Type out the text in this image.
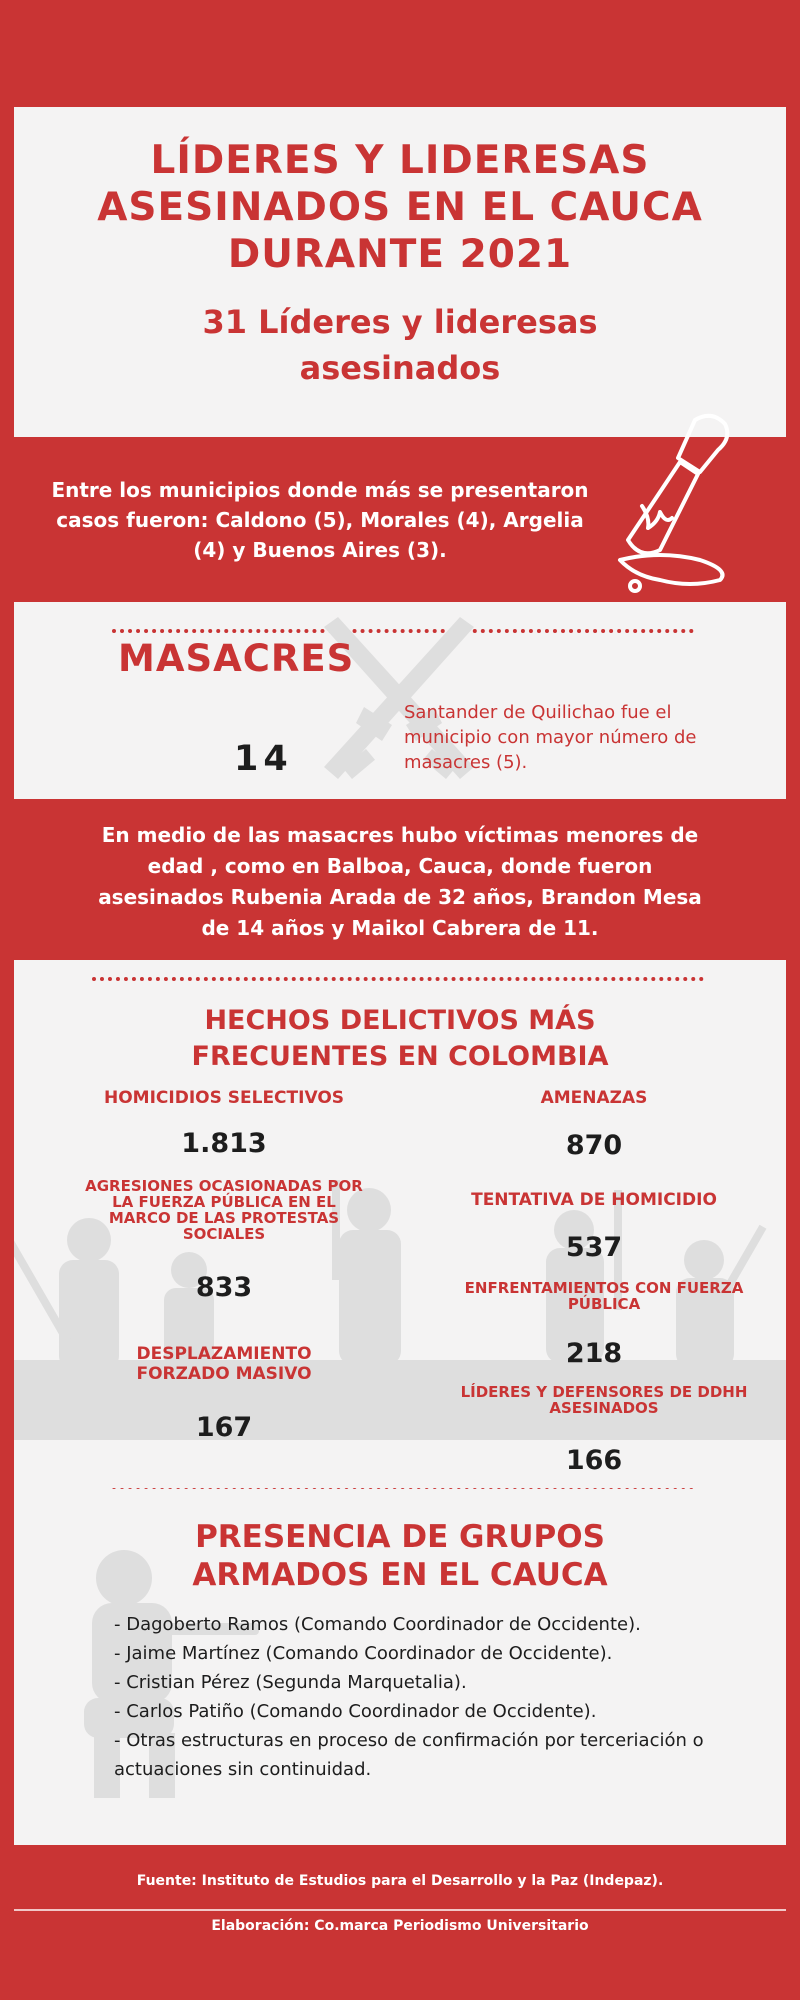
LÍDERES Y LIDERESAS ASESINADOS EN EL CAUCA DURANTE 2021
31 Líderes y lideresas asesinados
Entre los municipios donde más se presentaron casos fueron: Caldono (5), Morales (4), Argelia (4) y Buenos Aires (3).
MASACRES
14
Santander de Quilichao fue el municipio con mayor número de masacres (5).
En medio de las masacres hubo víctimas menores de edad , como en Balboa, Cauca, donde fueron asesinados Rubenia Arada de 32 años, Brandon Mesa de 14 años y Maikol Cabrera de 11.
HECHOS DELICTIVOS MÁS FRECUENTES EN COLOMBIA
HOMICIDIOS SELECTIVOS
1.813
AMENAZAS
870
AGRESIONES OCASIONADAS POR LA FUERZA PÚBLICA EN EL MARCO DE LAS PROTESTAS SOCIALES
833
TENTATIVA DE HOMICIDIO
537
ENFRENTAMIENTOS CON FUERZA PÚBLICA
218
DESPLAZAMIENTO FORZADO MASIVO
167
LÍDERES Y DEFENSORES DE DDHH ASESINADOS
166
PRESENCIA DE GRUPOS ARMADOS EN EL CAUCA
- Dagoberto Ramos (Comando Coordinador de Occidente).
- Jaime Martínez (Comando Coordinador de Occidente).
- Cristian Pérez (Segunda Marquetalia).
- Carlos Patiño (Comando Coordinador de Occidente).
- Otras estructuras en proceso de confirmación por terceriación o actuaciones sin continuidad.
Fuente: Instituto de Estudios para el Desarrollo y la Paz (Indepaz).
Elaboración: Co.marca Periodismo Universitario
